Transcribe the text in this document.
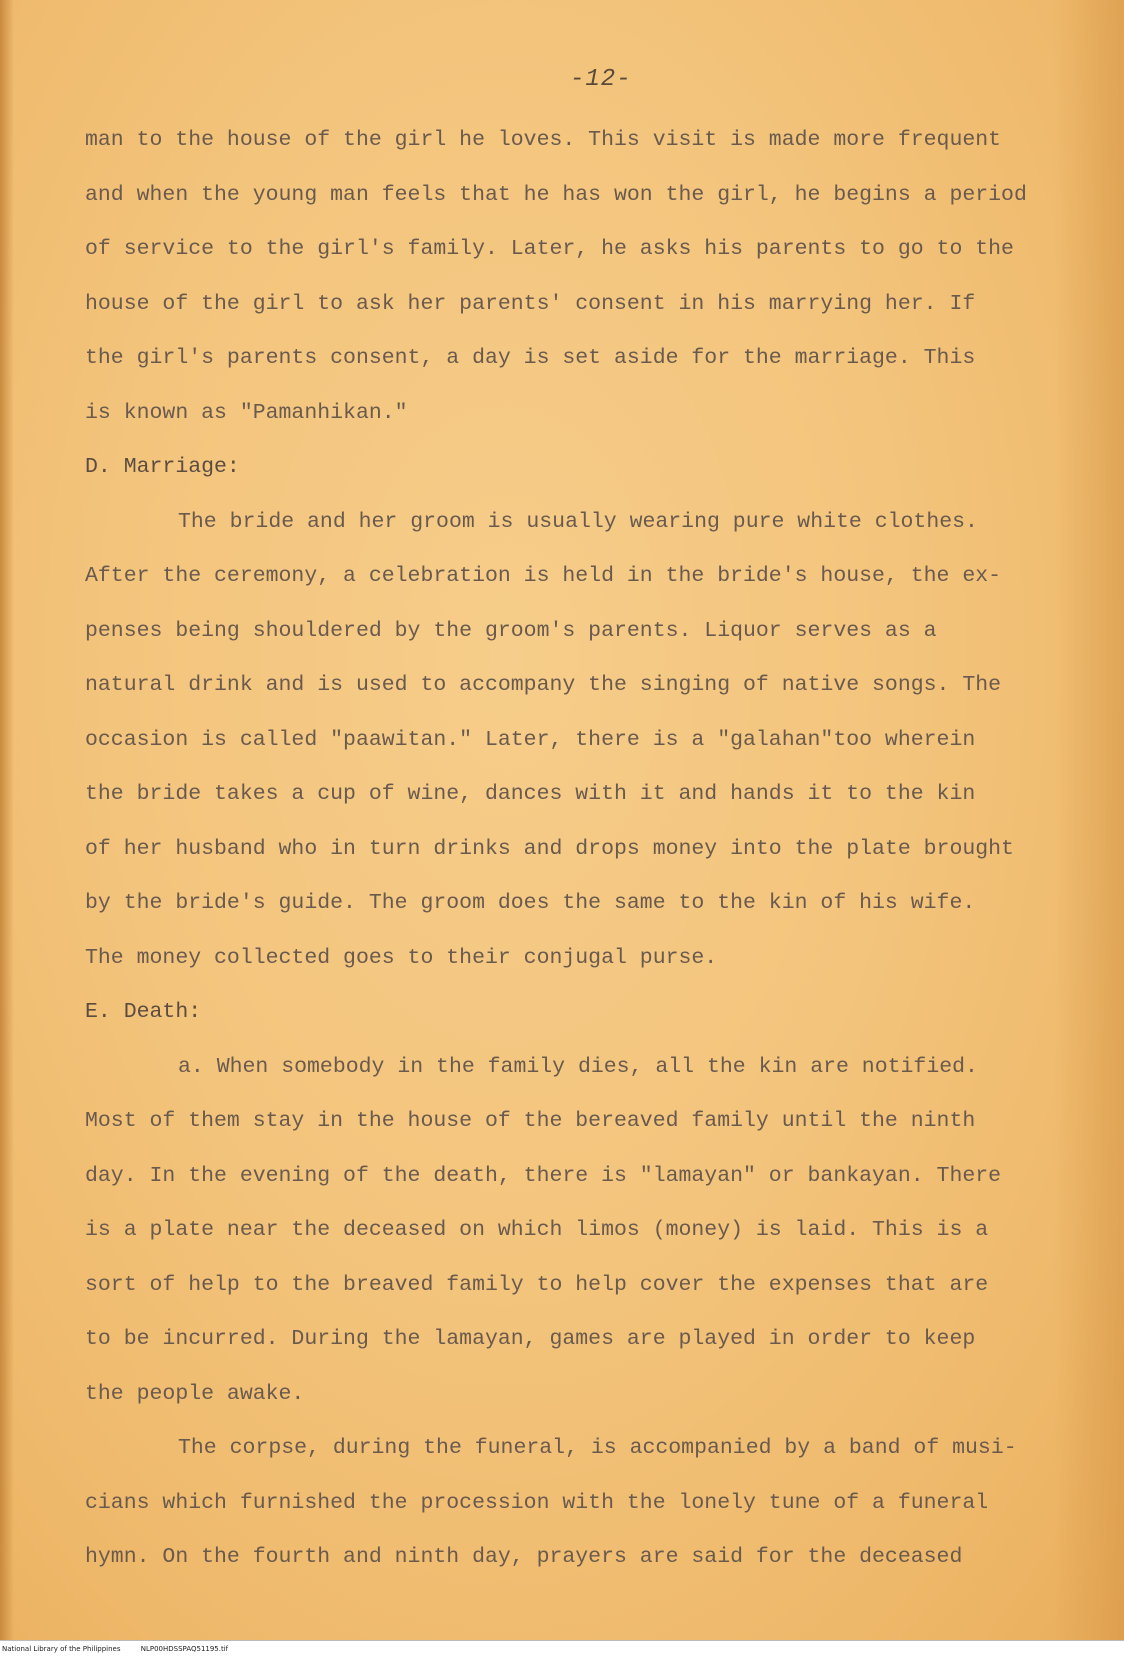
-12-
man to the house of the girl he loves. This visit is made more frequent
and when the young man feels that he has won the girl, he begins a period
of service to the girl's family. Later, he asks his parents to go to the
house of the girl to ask her parents' consent in his marrying her. If
the girl's parents consent, a day is set aside for the marriage. This
is known as "Pamanhikan."
D. Marriage:
The bride and her groom is usually wearing pure white clothes.
After the ceremony, a celebration is held in the bride's house, the ex-
penses being shouldered by the groom's parents. Liquor serves as a
natural drink and is used to accompany the singing of native songs. The
occasion is called "paawitan." Later, there is a "galahan"too wherein
the bride takes a cup of wine, dances with it and hands it to the kin
of her husband who in turn drinks and drops money into the plate brought
by the bride's guide. The groom does the same to the kin of his wife.
The money collected goes to their conjugal purse.
E. Death:
a. When somebody in the family dies, all the kin are notified.
Most of them stay in the house of the bereaved family until the ninth
day. In the evening of the death, there is "lamayan" or bankayan. There
is a plate near the deceased on which limos (money) is laid. This is a
sort of help to the breaved family to help cover the expenses that are
to be incurred. During the lamayan, games are played in order to keep
the people awake.
The corpse, during the funeral, is accompanied by a band of musi-
cians which furnished the procession with the lonely tune of a funeral
hymn. On the fourth and ninth day, prayers are said for the deceased
National Library of the Philippines	NLP00HDSSPAQ51195.tif
